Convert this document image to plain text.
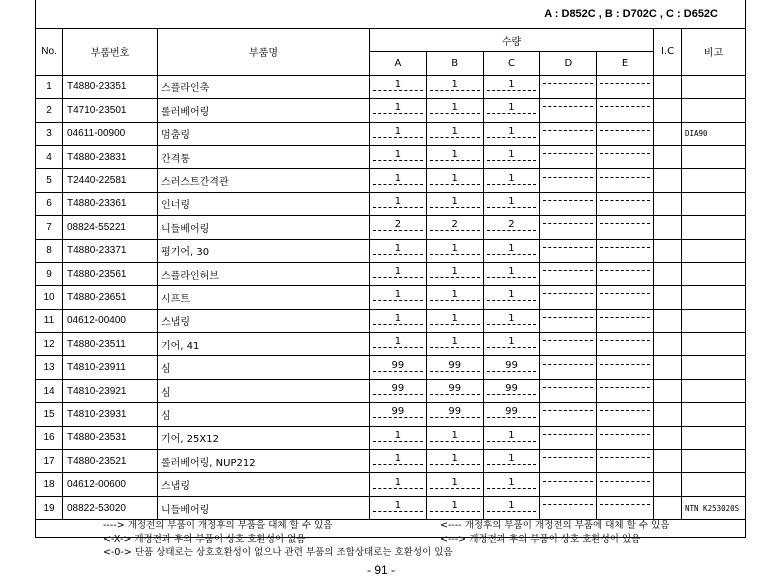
A : D852C , B : D702C , C : D652C
No.	부품번호	부품명	수량					I.C	비고
			A	B	C	D	E		
1	T4880-23351	스플라인축	1	1	1				

2	T4710-23501	롤러베어링	1	1	1				

3	04611-00900	멈춤링	1	1	1				DIA90
4	T4880-23831	간격통	1	1	1				

5	T2440-22581	스러스트간격관	1	1	1				

6	T4880-23361	인너링	1	1	1				

7	08824-55221	니들베어링	2	2	2				

8	T4880-23371	평기어, 30	1	1	1				

9	T4880-23561	스플라인허브	1	1	1				

10	T4880-23651	시프트	1	1	1				

11	04612-00400	스냅링	1	1	1				

12	T4880-23511	기어, 41	1	1	1				

13	T4810-23911	심	99	99	99				

14	T4810-23921	심	99	99	99				

15	T4810-23931	심	99	99	99				

16	T4880-23531	기어, 25X12	1	1	1				

17	T4880-23521	롤러베어링, NUP212	1	1	1				

18	04612-00600	스냅링	1	1	1				

19	08822-53020	니들베어링	1	1	1				NTN K253020S
----> 개정전의 부품이 개정후의 부품을 대체 할 수 있음	<---- 개정후의 부품이 개정전의 부품에 대체 할 수 있음
<-X-> 개정전과 후의 부품이 상호 호환성이 없음	<---> 개정전과 후의 부품이 상호 호환성이 있음
<-0-> 단품 상태로는 상호호환성이 없으나 관련 부품의 조합상태로는 호환성이 있음
- 91 -
